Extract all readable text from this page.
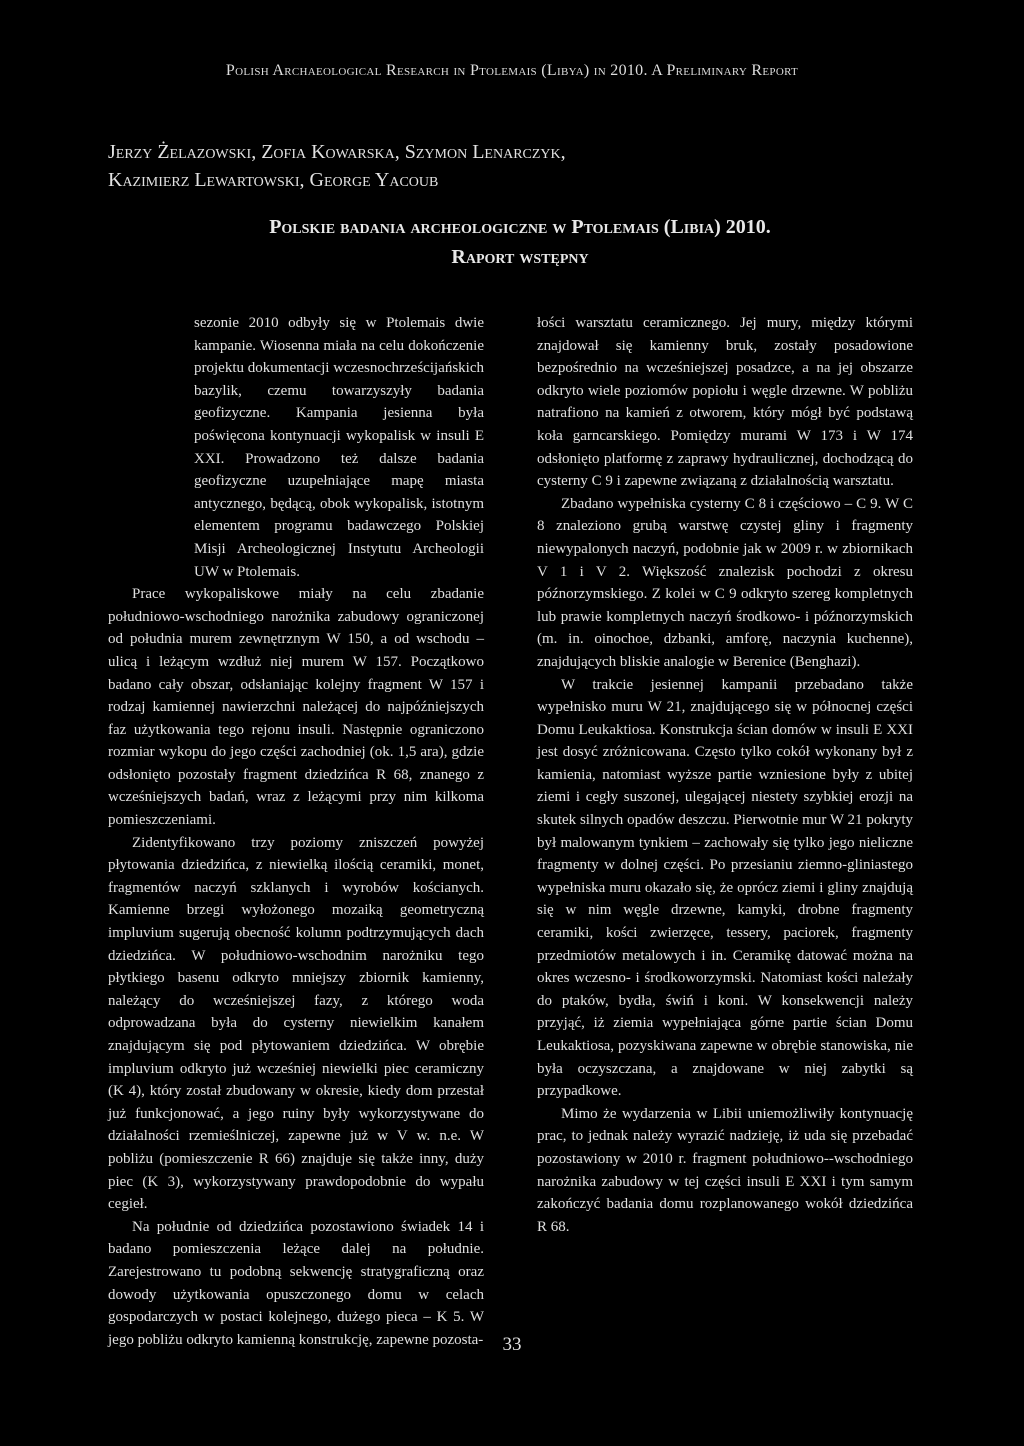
Polish Archaeological Research in Ptolemais (Libya) in 2010. A Preliminary Report
Jerzy Żelazowski, Zofia Kowarska, Szymon Lenarczyk,
Kazimierz Lewartowski, George Yacoub
Polskie badania archeologiczne w Ptolemais (Libia) 2010.
Raport wstępny

sezonie 2010 odbyły się w Ptolemais dwie kampanie. Wiosenna miała na celu dokończenie projektu dokumentacji wczesnochrześcijańskich bazylik, czemu towarzyszyły badania geofizyczne. Kampania jesienna była poświęcona kontynuacji wykopalisk w insuli E XXI. Prowadzono też dalsze badania geofizyczne uzupełniające mapę miasta antycznego, będącą, obok wykopalisk, istotnym elementem programu badawczego Polskiej Misji Archeologicznej Instytutu Archeologii UW w Ptolemais.

Prace wykopaliskowe miały na celu zbadanie południowo-wschodniego narożnika zabudowy ograniczonej od południa murem zewnętrznym W 150, a od wschodu – ulicą i leżącym wzdłuż niej murem W 157. Początkowo badano cały obszar, odsłaniając kolejny fragment W 157 i rodzaj kamiennej nawierzchni należącej do najpóźniejszych faz użytkowania tego rejonu insuli. Następnie ograniczono rozmiar wykopu do jego części zachodniej (ok. 1,5 ara), gdzie odsłonięto pozostały fragment dziedzińca R 68, znanego z wcześniejszych badań, wraz z leżącymi przy nim kilkoma pomieszczeniami.

Zidentyfikowano trzy poziomy zniszczeń powyżej płytowania dziedzińca, z niewielką ilością ceramiki, monet, fragmentów naczyń szklanych i wyrobów kościanych. Kamienne brzegi wyłożonego mozaiką geometryczną impluvium sugerują obecność kolumn podtrzymujących dach dziedzińca. W południowo-wschodnim narożniku tego płytkiego basenu odkryto mniejszy zbiornik kamienny, należący do wcześniejszej fazy, z którego woda odprowadzana była do cysterny niewielkim kanałem znajdującym się pod płytowaniem dziedzińca. W obrębie impluvium odkryto już wcześniej niewielki piec ceramiczny (K 4), który został zbudowany w okresie, kiedy dom przestał już funkcjonować, a jego ruiny były wykorzystywane do działalności rzemieślniczej, zapewne już w V w. n.e. W pobliżu (pomieszczenie R 66) znajduje się także inny, duży piec (K 3), wykorzystywany prawdopodobnie do wypału cegieł.

Na południe od dziedzińca pozostawiono świadek 14 i badano pomieszczenia leżące dalej na południe. Zarejestrowano tu podobną sekwencję stratygraficzną oraz dowody użytkowania opuszczonego domu w celach gospodarczych w postaci kolejnego, dużego pieca – K 5. W jego pobliżu odkryto kamienną konstrukcję, zapewne pozosta-

łości warsztatu ceramicznego. Jej mury, między którymi znajdował się kamienny bruk, zostały posadowione bezpośrednio na wcześniejszej posadzce, a na jej obszarze odkryto wiele poziomów popiołu i węgle drzewne. W pobliżu natrafiono na kamień z otworem, który mógł być podstawą koła garncarskiego. Pomiędzy murami W 173 i W 174 odsłonięto platformę z zaprawy hydraulicznej, dochodzącą do cysterny C 9 i zapewne związaną z działalnością warsztatu.

Zbadano wypełniska cysterny C 8 i częściowo – C 9. W C 8 znaleziono grubą warstwę czystej gliny i fragmenty niewypalonych naczyń, podobnie jak w 2009 r. w zbiornikach V 1 i V 2. Większość znalezisk pochodzi z okresu późnorzymskiego. Z kolei w C 9 odkryto szereg kompletnych lub prawie kompletnych naczyń środkowo- i późnorzymskich (m. in. oinochoe, dzbanki, amforę, naczynia kuchenne), znajdujących bliskie analogie w Berenice (Benghazi).

W trakcie jesiennej kampanii przebadano także wypełnisko muru W 21, znajdującego się w północnej części Domu Leukaktiosa. Konstrukcja ścian domów w insuli E XXI jest dosyć zróżnicowana. Często tylko cokół wykonany był z kamienia, natomiast wyższe partie wzniesione były z ubitej ziemi i cegły suszonej, ulegającej niestety szybkiej erozji na skutek silnych opadów deszczu. Pierwotnie mur W 21 pokryty był malowanym tynkiem – zachowały się tylko jego nieliczne fragmenty w dolnej części. Po przesianiu ziemno-gliniastego wypełniska muru okazało się, że oprócz ziemi i gliny znajdują się w nim węgle drzewne, kamyki, drobne fragmenty ceramiki, kości zwierzęce, tessery, paciorek, fragmenty przedmiotów metalowych i in. Ceramikę datować można na okres wczesno- i środkoworzymski. Natomiast kości należały do ptaków, bydła, świń i koni. W konsekwencji należy przyjąć, iż ziemia wypełniająca górne partie ścian Domu Leukaktiosa, pozyskiwana zapewne w obrębie stanowiska, nie była oczyszczana, a znajdowane w niej zabytki są przypadkowe.

Mimo że wydarzenia w Libii uniemożliwiły kontynuację prac, to jednak należy wyrazić nadzieję, iż uda się przebadać pozostawiony w 2010 r. fragment południowo--wschodniego narożnika zabudowy w tej części insuli E XXI i tym samym zakończyć badania domu rozplanowanego wokół dziedzińca R 68.

33
